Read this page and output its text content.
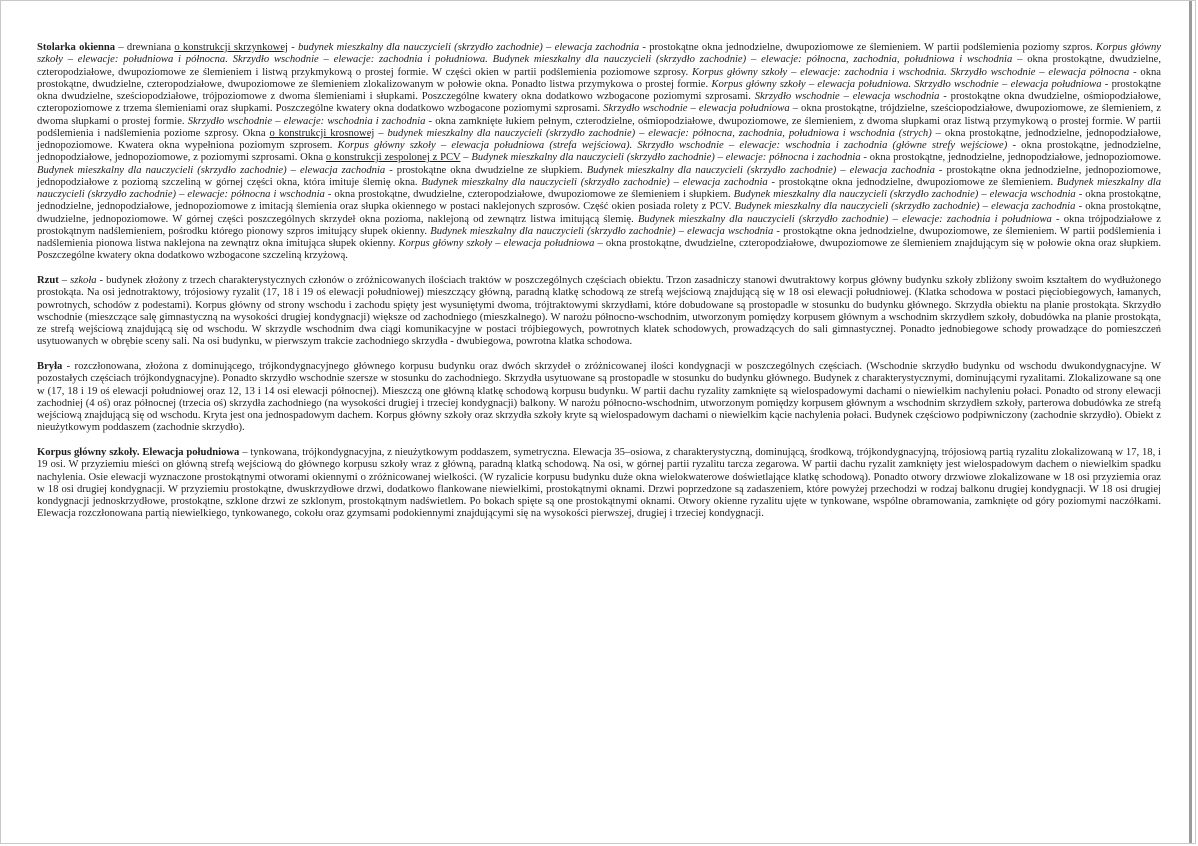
Stolarka okienna – drewniana o konstrukcji skrzynkowej - budynek mieszkalny dla nauczycieli (skrzydło zachodnie) – elewacja zachodnia - prostokątne okna jednodzielne, dwupoziomowe ze ślemieniem. W partii podślemienia poziomy szpros. Korpus główny szkoły – elewacje: południowa i północna. Skrzydło wschodnie – elewacje: zachodnia i południowa. Budynek mieszkalny dla nauczycieli (skrzydło zachodnie) – elewacje: północna, zachodnia, południowa i wschodnia – okna prostokątne, dwudzielne, czteropodziałowe, dwupoziomowe ze ślemieniem i listwą przykmykową o prostej formie. W części okien w partii podślemienia poziomowe szprosy. Korpus główny szkoły – elewacje: zachodnia i wschodnia. Skrzydło wschodnie – elewacja północna - okna prostokątne, dwudzielne, czteropodziałowe, dwupoziomowe ze ślemieniem zlokalizowanym w połowie okna. Ponadto listwa przymykowa o prostej formie. Korpus główny szkoły – elewacja południowa. Skrzydło wschodnie – elewacja południowa - prostokątne okna dwudzielne, sześciopodziałowe, trójpoziomowe z dwoma ślemieniami i słupkami. Poszczególne kwatery okna dodatkowo wzbogacone poziomymi szprosami. Skrzydło wschodnie – elewacja wschodnia - prostokątne okna dwudzielne, ośmiopodziałowe, czteropoziomowe z trzema ślemieniami oraz słupkami. Poszczególne kwatery okna dodatkowo wzbogacone poziomymi szprosami. Skrzydło wschodnie – elewacja południowa – okna prostokątne, trójdzielne, sześciopodziałowe, dwupoziomowe, ze ślemieniem, z dwoma słupkami o prostej formie. Skrzydło wschodnie – elewacje: wschodnia i zachodnia - okna zamknięte łukiem pełnym, czterodzielne, ośmiopodziałowe, dwupoziomowe, ze ślemieniem, z dwoma słupkami oraz listwą przymykową o prostej formie. W partii podślemienia i nadślemienia poziome szprosy. Okna o konstrukcji krosnowej – budynek mieszkalny dla nauczycieli (skrzydło zachodnie) – elewacje: północna, zachodnia, południowa i wschodnia (strych) – okna prostokątne, jednodzielne, jednopodziałowe, jednopoziomowe. Kwatera okna wypełniona poziomym szprosem. Korpus główny szkoły – elewacja południowa (strefa wejściowa). Skrzydło wschodnie – elewacje: wschodnia i zachodnia (główne strefy wejściowe) - okna prostokątne, jednodzielne, jednopodziałowe, jednopoziomowe, z poziomymi szprosami. Okna o konstrukcji zespolonej z PCV – Budynek mieszkalny dla nauczycieli (skrzydło zachodnie) – elewacje: północna i zachodnia - okna prostokątne, jednodzielne, jednopodziałowe, jednopoziomowe. Budynek mieszkalny dla nauczycieli (skrzydło zachodnie) – elewacja zachodnia - prostokątne okna dwudzielne ze słupkiem. Budynek mieszkalny dla nauczycieli (skrzydło zachodnie) – elewacja zachodnia - prostokątne okna jednodzielne, jednopoziomowe, jednopodziałowe z poziomą szczeliną w górnej części okna, która imituje ślemię okna. Budynek mieszkalny dla nauczycieli (skrzydło zachodnie) – elewacja zachodnia - prostokątne okna jednodzielne, dwupoziomowe ze ślemieniem. Budynek mieszkalny dla nauczycieli (skrzydło zachodnie) – elewacje: północna i wschodnia - okna prostokątne, dwudzielne, czteropodziałowe, dwupoziomowe ze ślemieniem i słupkiem. Budynek mieszkalny dla nauczycieli (skrzydło zachodnie) – elewacja wschodnia - okna prostokątne, jednodzielne, jednopodziałowe, jednopoziomowe z imitacją ślemienia oraz słupka okiennego w postaci naklejonych szprosów. Część okien posiada rolety z PCV. Budynek mieszkalny dla nauczycieli (skrzydło zachodnie) – elewacja zachodnia - okna prostokątne, dwudzielne, jednopoziomowe. W górnej części poszczególnych skrzydeł okna pozioma, naklejoną od zewnątrz listwa imitującą ślemię. Budynek mieszkalny dla nauczycieli (skrzydło zachodnie) – elewacje: zachodnia i południowa - okna trójpodziałowe z prostokątnym nadślemieniem, pośrodku którego pionowy szpros imitujący słupek okienny. Budynek mieszkalny dla nauczycieli (skrzydło zachodnie) – elewacja wschodnia - prostokątne okna jednodzielne, dwupoziomowe, ze ślemieniem. W partii podślemienia i nadślemienia pionowa listwa naklejona na zewnątrz okna imitująca słupek okienny. Korpus główny szkoły – elewacja południowa – okna prostokątne, dwudzielne, czteropodziałowe, dwupoziomowe ze ślemieniem znajdującym się w połowie okna oraz słupkiem. Poszczególne kwatery okna dodatkowo wzbogacone szczeliną krzyżową.

Rzut – szkoła - budynek złożony z trzech charakterystycznych członów o zróżnicowanych ilościach traktów w poszczególnych częściach obiektu. Trzon zasadniczy stanowi dwutraktowy korpus główny budynku szkoły zbliżony swoim kształtem do wydłużonego prostokąta. Na osi jednotraktowy, trójosiowy ryzalit (17, 18 i 19 oś elewacji południowej) mieszczący główną, paradną klatkę schodową ze strefą wejściową znajdującą się w 18 osi elewacji południowej. (Klatka schodowa w postaci pięciobiegowych, łamanych, powrotnych, schodów z podestami). Korpus główny od strony wschodu i zachodu spięty jest wysuniętymi dwoma, trójtraktowymi skrzydłami, które dobudowane są prostopadle w stosunku do budynku głównego. Skrzydła obiektu na planie prostokąta. Skrzydło wschodnie (mieszczące salę gimnastyczną na wysokości drugiej kondygnacji) większe od zachodniego (mieszkalnego). W narożu północno-wschodnim, utworzonym pomiędzy korpusem głównym a wschodnim skrzydłem szkoły, dobudówka na planie prostokąta, ze strefą wejściową znajdującą się od wschodu. W skrzydle wschodnim dwa ciągi komunikacyjne w postaci trójbiegowych, powrotnych klatek schodowych, prowadzących do sali gimnastycznej. Ponadto jednobiegowe schody prowadzące do pomieszczeń usytuowanych w obrębie sceny sali. Na osi budynku, w pierwszym trakcie zachodniego skrzydła - dwubiegowa, powrotna klatka schodowa.

Bryła - rozczłonowana, złożona z dominującego, trójkondygnacyjnego głównego korpusu budynku oraz dwóch skrzydeł o zróżnicowanej ilości kondygnacji w poszczególnych częściach. (Wschodnie skrzydło budynku od wschodu dwukondygnacyjne. W pozostałych częściach trójkondygnacyjne). Ponadto skrzydło wschodnie szersze w stosunku do zachodniego. Skrzydła usytuowane są prostopadle w stosunku do budynku głównego. Budynek z charakterystycznymi, dominującymi ryzalitami. Zlokalizowane są one w (17, 18 i 19 oś elewacji południowej oraz 12, 13 i 14 osi elewacji północnej). Mieszczą one główną klatkę schodową korpusu budynku. W partii dachu ryzality zamknięte są wielospadowymi dachami o niewielkim nachyleniu połaci. Ponadto od strony elewacji zachodniej (4 oś) oraz północnej (trzecia oś) skrzydła zachodniego (na wysokości drugiej i trzeciej kondygnacji) balkony. W narożu północno-wschodnim, utworzonym pomiędzy korpusem głównym a wschodnim skrzydłem szkoły, parterowa dobudówka ze strefą wejściową znajdującą się od wschodu. Kryta jest ona jednospadowym dachem. Korpus główny szkoły oraz skrzydła szkoły kryte są wielospadowym dachami o niewielkim kącie nachylenia połaci. Budynek częściowo podpiwniczony (zachodnie skrzydło). Obiekt z nieużytkowym poddaszem (zachodnie skrzydło).

Korpus główny szkoły. Elewacja południowa – tynkowana, trójkondygnacyjna, z nieużytkowym poddaszem, symetryczna. Elewacja 35–osiowa, z charakterystyczną, dominującą, środkową, trójkondygnacyjną, trójosiową partią ryzalitu zlokalizowaną w 17, 18, i 19 osi. W przyziemiu mieści on główną strefą wejściową do głównego korpusu szkoły wraz z główną, paradną klatką schodową. Na osi, w górnej partii ryzalitu tarcza zegarowa. W partii dachu ryzalit zamknięty jest wielospadowym dachem o niewielkim spadku nachylenia. Osie elewacji wyznaczone prostokątnymi otworami okiennymi o zróżnicowanej wielkości. (W ryzalicie korpusu budynku duże okna wielokwaterowe doświetlające klatkę schodową). Ponadto otwory drzwiowe zlokalizowane w 18 osi przyziemia oraz w 18 osi drugiej kondygnacji. W przyziemiu prostokątne, dwuskrzydłowe drzwi, dodatkowo flankowane niewielkimi, prostokątnymi oknami. Drzwi poprzedzone są zadaszeniem, które powyżej przechodzi w rodzaj balkonu drugiej kondygnacji. W 18 osi drugiej kondygnacji jednoskrzydłowe, prostokątne, szklone drzwi ze szklonym, prostokątnym nadświetlem. Po bokach spięte są one prostokątnymi oknami. Otwory okienne ryzalitu ujęte w tynkowane, wspólne obramowania, zamknięte od góry poziomymi naczółkami. Elewacja rozczłonowana partią niewielkiego, tynkowanego, cokołu oraz gzymsami podokiennymi znajdującymi się na wysokości pierwszej, drugiej i trzeciej kondygnacji.
